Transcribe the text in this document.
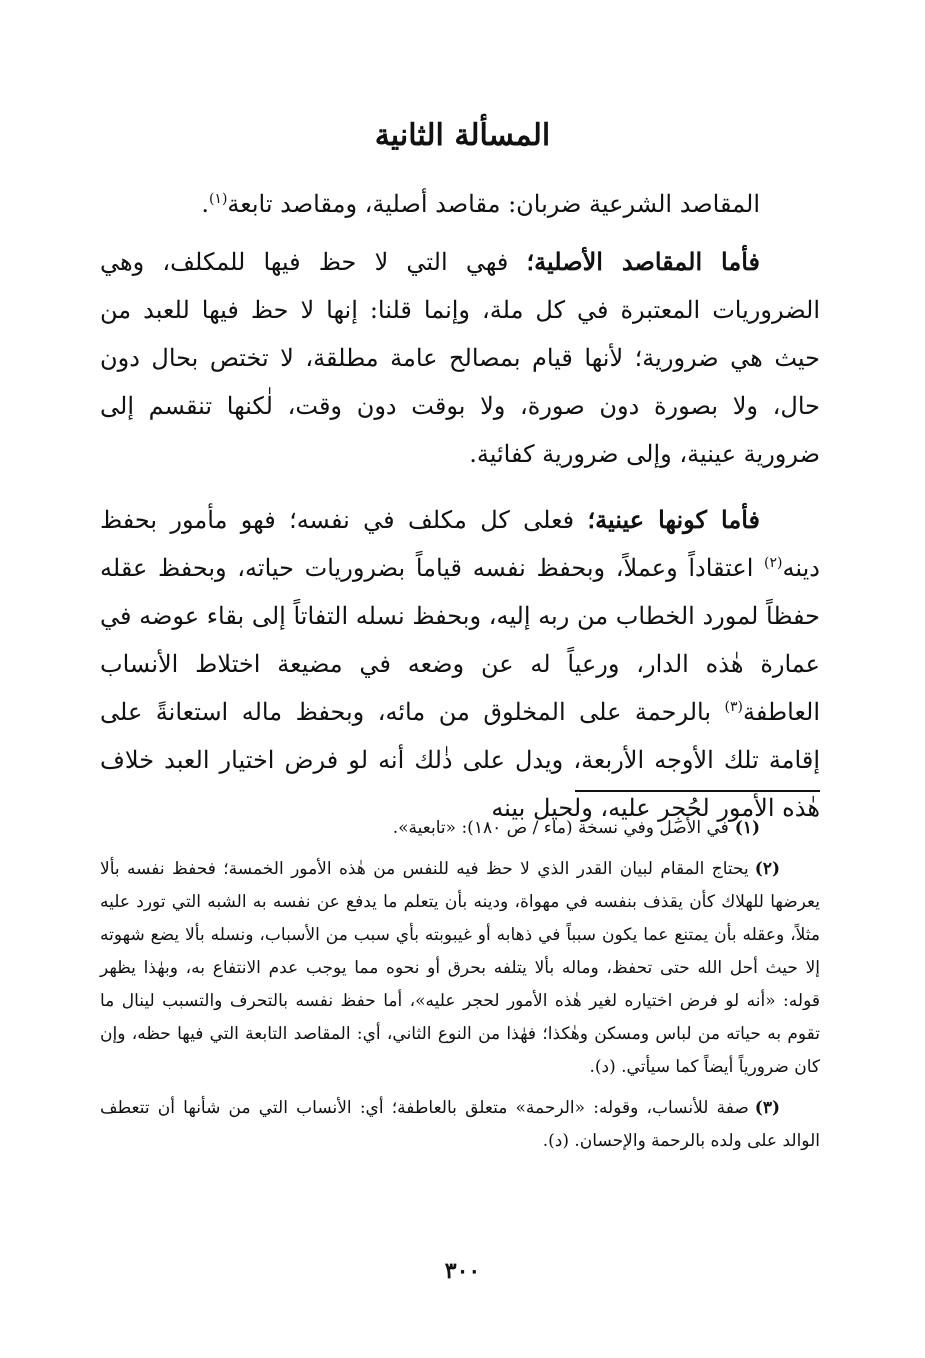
المسألة الثانية

المقاصد الشرعية ضربان: مقاصد أصلية، ومقاصد تابعة$^{(١)}$.

فأما المقاصد الأصلية؛ فهي التي لا حظ فيها للمكلف، وهي الضروريات المعتبرة في كل ملة، وإنما قلنا: إنها لا حظ فيها للعبد من حيث هي ضرورية؛ لأنها قيام بمصالح عامة مطلقة، لا تختص بحال دون حال، ولا بصورة دون صورة، ولا بوقت دون وقت، لٰكنها تنقسم إلى ضرورية عينية، وإلى ضرورية كفائية.

فأما كونها عينية؛ فعلى كل مكلف في نفسه؛ فهو مأمور بحفظ دينه$^{(٢)}$ اعتقاداً وعملاً، وبحفظ نفسه قياماً بضروريات حياته، وبحفظ عقله حفظاً لمورد الخطاب من ربه إليه، وبحفظ نسله التفاتاً إلى بقاء عوضه في عمارة هٰذه الدار، ورعياً له عن وضعه في مضيعة اختلاط الأنساب العاطفة$^{(٣)}$ بالرحمة على المخلوق من مائه، وبحفظ ماله استعانةً على إقامة تلك الأوجه الأربعة، ويدل على ذٰلك أنه لو فرض اختيار العبد خلاف هٰذه الأمور لحُجِر عليه، ولحيل بينه

(١)في الأصل وفي نسخة (ماء / ص ١٨٠): «تابعية».

(٢)يحتاج المقام لبيان القدر الذي لا حظ فيه للنفس من هٰذه الأمور الخمسة؛ فحفظ نفسه بألا يعرضها للهلاك كأن يقذف بنفسه في مهواة، ودينه بأن يتعلم ما يدفع عن نفسه به الشبه التي تورد عليه مثلاً، وعقله بأن يمتنع عما يكون سبباً في ذهابه أو غيبوبته بأي سبب من الأسباب، ونسله بألا يضع شهوته إلا حيث أحل الله حتى تحفظ، وماله بألا يتلفه بحرق أو نحوه مما يوجب عدم الانتفاع به، وبهٰذا يظهر قوله: «أنه لو فرض اختياره لغير هٰذه الأمور لحجر عليه»، أما حفظ نفسه بالتحرف والتسبب لينال ما تقوم به حياته من لباس ومسكن وهٰكذا؛ فهٰذا من النوع الثاني، أي: المقاصد التابعة التي فيها حظه، وإن كان ضرورياً أيضاً كما سيأتي. (د).

(٣)صفة للأنساب، وقوله: «الرحمة» متعلق بالعاطفة؛ أي: الأنساب التي من شأنها أن تتعطف الوالد على ولده بالرحمة والإحسان. (د).

٣٠٠
